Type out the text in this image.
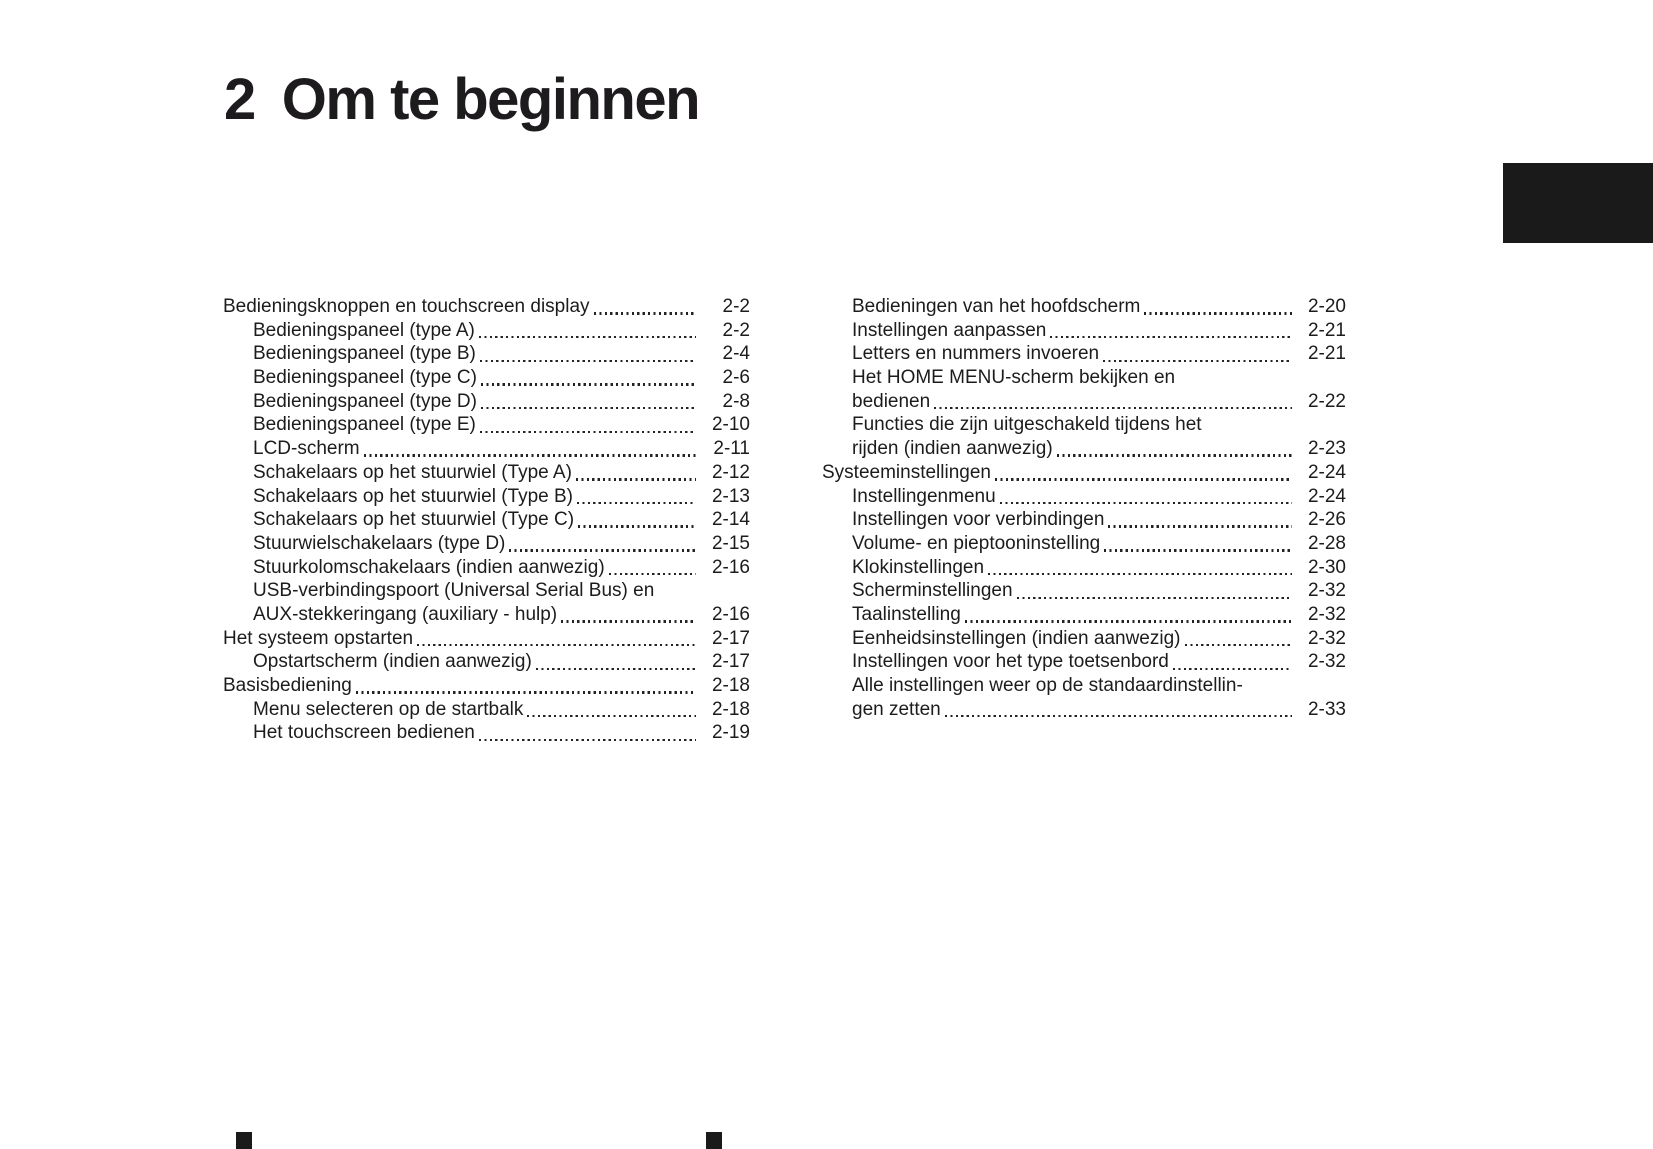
2 Om te beginnen
Bedieningsknoppen en touchscreen display	2-2
Bedieningspaneel (type A)	2-2
Bedieningspaneel (type B)	2-4
Bedieningspaneel (type C)	2-6
Bedieningspaneel (type D)	2-8
Bedieningspaneel (type E)	2-10
LCD-scherm	2-11
Schakelaars op het stuurwiel (Type A)	2-12
Schakelaars op het stuurwiel (Type B)	2-13
Schakelaars op het stuurwiel (Type C)	2-14
Stuurwielschakelaars (type D)	2-15
Stuurkolomschakelaars (indien aanwezig)	2-16
USB-verbindingspoort (Universal Serial Bus) en
AUX-stekkeringang (auxiliary - hulp)	2-16
Het systeem opstarten	2-17
Opstartscherm (indien aanwezig)	2-17
Basisbediening	2-18
Menu selecteren op de startbalk	2-18
Het touchscreen bedienen	2-19
Bedieningen van het hoofdscherm	2-20
Instellingen aanpassen	2-21
Letters en nummers invoeren	2-21
Het HOME MENU-scherm bekijken en
bedienen	2-22
Functies die zijn uitgeschakeld tijdens het
rijden (indien aanwezig)	2-23
Systeeminstellingen	2-24
Instellingenmenu	2-24
Instellingen voor verbindingen	2-26
Volume- en pieptooninstelling	2-28
Klokinstellingen	2-30
Scherminstellingen	2-32
Taalinstelling	2-32
Eenheidsinstellingen (indien aanwezig)	2-32
Instellingen voor het type toetsenbord	2-32
Alle instellingen weer op de standaardinstellin-
gen zetten	2-33
